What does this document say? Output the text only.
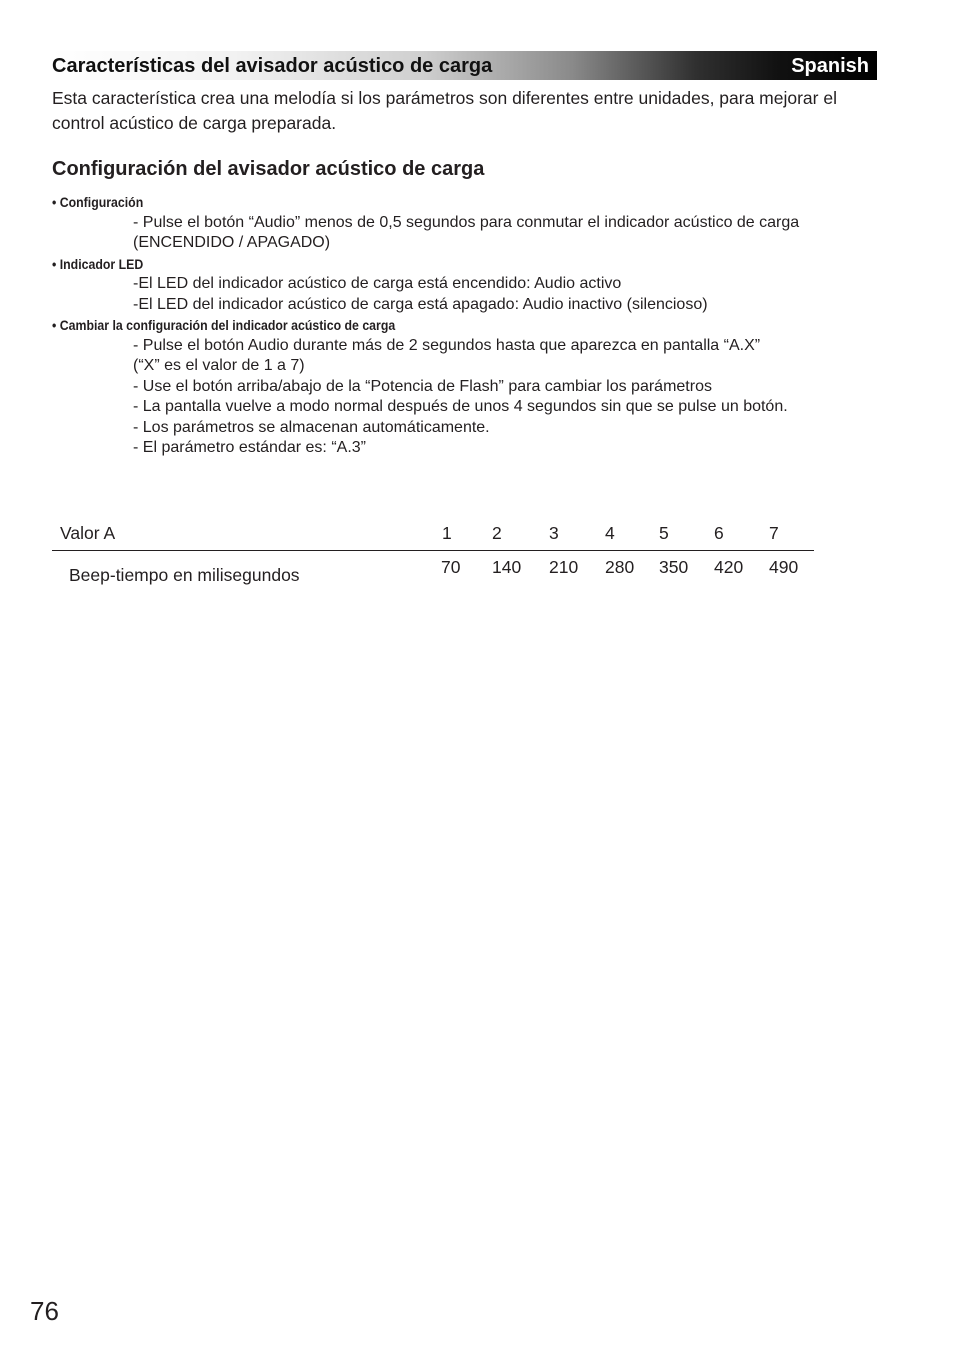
Características del avisador acústico de carga	Spanish

Esta característica crea una melodía si los parámetros son diferentes entre unidades, para mejorar el control acústico de carga preparada.

Configuración del avisador acústico de carga
• Configuración
- Pulse el botón “Audio” menos de 0,5 segundos para conmutar el indicador acústico de carga (ENCENDIDO / APAGADO)
• Indicador LED
-El LED del indicador acústico de carga está encendido: Audio activo
-El LED del indicador acústico de carga está apagado: Audio inactivo (silencioso)
• Cambiar la configuración del indicador acústico de carga
- Pulse el botón Audio durante más de 2 segundos hasta que aparezca en pantalla “A.X”
(“X” es el valor de 1 a 7)
- Use el botón arriba/abajo de la “Potencia de Flash” para cambiar los parámetros
- La pantalla vuelve a modo normal después de unos 4 segundos sin que se pulse un botón.
- Los parámetros se almacenan automáticamente.
- El parámetro estándar es: “A.3”
Valor A	1 2	3	4	5	6	7
Beep-tiempo en milisegundos	70 140 210 280 350 420 490
76
